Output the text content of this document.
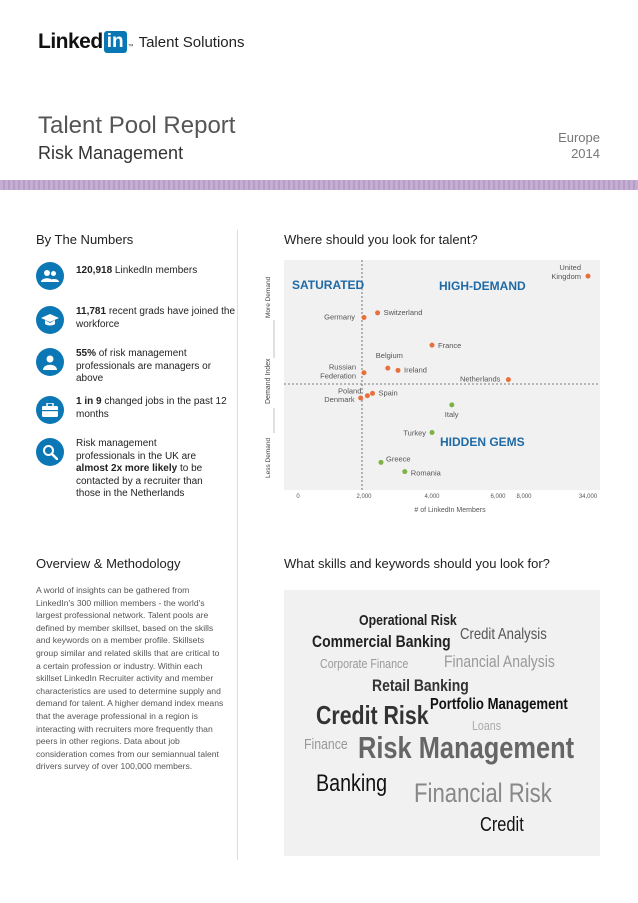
Linked in ™ Talent Solutions
Talent Pool Report
Risk Management
Europe
2014
By The Numbers
120,918 LinkedIn members
11,781 recent grads have joined the workforce
55% of risk management professionals are managers or above
1 in 9 changed jobs in the past 12 months
Risk management professionals in the UK are almost 2x more likely to be contacted by a recruiter than those in the Netherlands
Where should you look for talent?
SATURATED	HIGH-DEMAND
HIDDEN GEMS
More Demand
Demand Index
Less Demand
0	2,000	4,000	6,000 8,000	34,000
# of LinkedIn Members
United Kingdom
Germany
Switzerland
France
Belgium
Ireland
Russian Federation	Netherlands
Poland Spain
Denmark
Italy
Turkey
Greece
Romania
Overview & Methodology
A world of insights can be gathered from LinkedIn's 300 million members - the world's largest professional network. Talent pools are defined by member skillset, based on the skills and keywords on a member profile. Skillsets group similar and related skills that are critical to a certain profession or industry. Within each skillset LinkedIn Recruiter activity and member characteristics are used to determine supply and demand for talent. A higher demand index means that the average professional in a region is interacting with recruiters more frequently than peers in other regions. Data about job consideration comes from our semiannual talent drivers survey of over 100,000 members.
What skills and keywords should you look for?
Operational Risk
Commercial Banking Credit Analysis
Corporate Finance Financial Analysis
Retail Banking
Credit Risk Portfolio Management
Loans
Finance Risk Management
Banking Financial Risk
Credit
